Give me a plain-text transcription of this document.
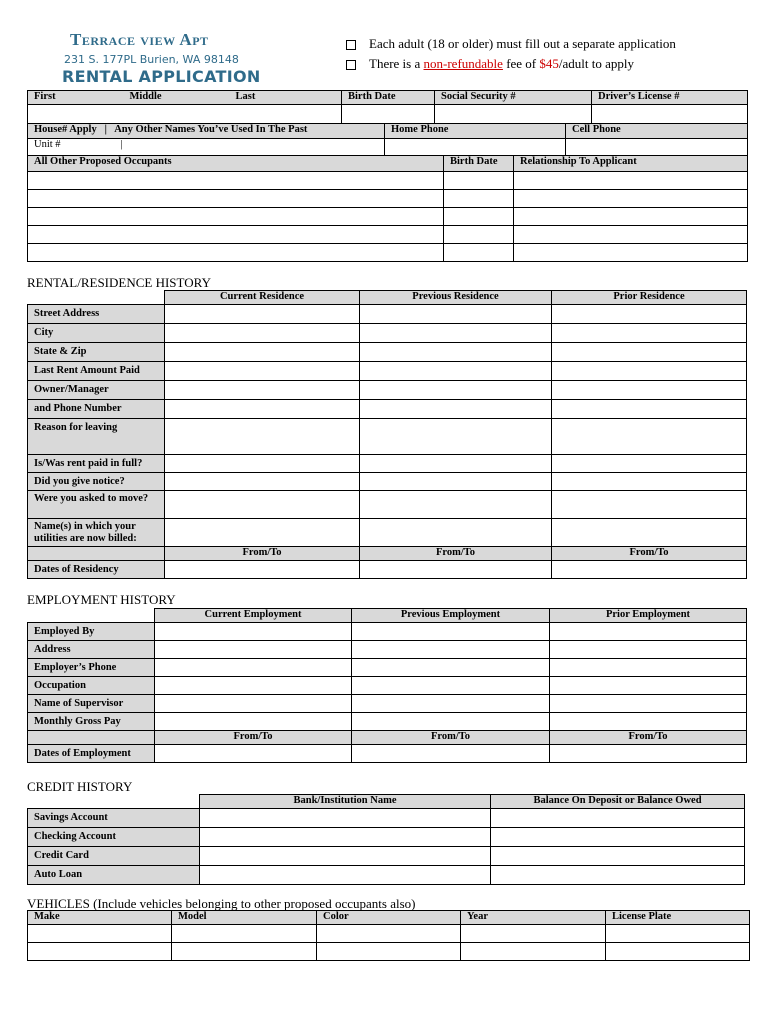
Terrace view Apt
231 S. 177PL Burien, WA 98148
RENTAL APPLICATION
Each adult (18 or older) must fill out a separate application
There is a non-refundable fee of $45/adult to apply
First	Middle	Last	Birth Date	Social Security #	Driver’s License #

House# Apply   |   Any Other Names You’ve Used In The Past	Home Phone	Cell Phone
Unit # |		
All Other Proposed Occupants	Birth Date	Relationship To Applicant

RENTAL/RESIDENCE HISTORY
	Current Residence	Previous Residence	Prior Residence
Street Address			
City			
State & Zip			
Last Rent Amount Paid			
Owner/Manager			
and Phone Number			
Reason for leaving			
Is/Was rent paid in full?			
Did you give notice?			
Were you asked to move?			
Name(s) in which your utilities are now billed:			
	From/To	From/To	From/To
Dates of Residency			
EMPLOYMENT HISTORY
	Current Employment	Previous Employment	Prior Employment
Employed By			
Address			
Employer’s Phone			
Occupation			
Name of Supervisor			
Monthly Gross Pay			
	From/To	From/To	From/To
Dates of Employment			
CREDIT HISTORY
	Bank/Institution Name	Balance On Deposit or Balance Owed
Savings Account		
Checking Account		
Credit Card		
Auto Loan		
VEHICLES (Include vehicles belonging to other proposed occupants also)
Make	Model	Color	Year	License Plate
